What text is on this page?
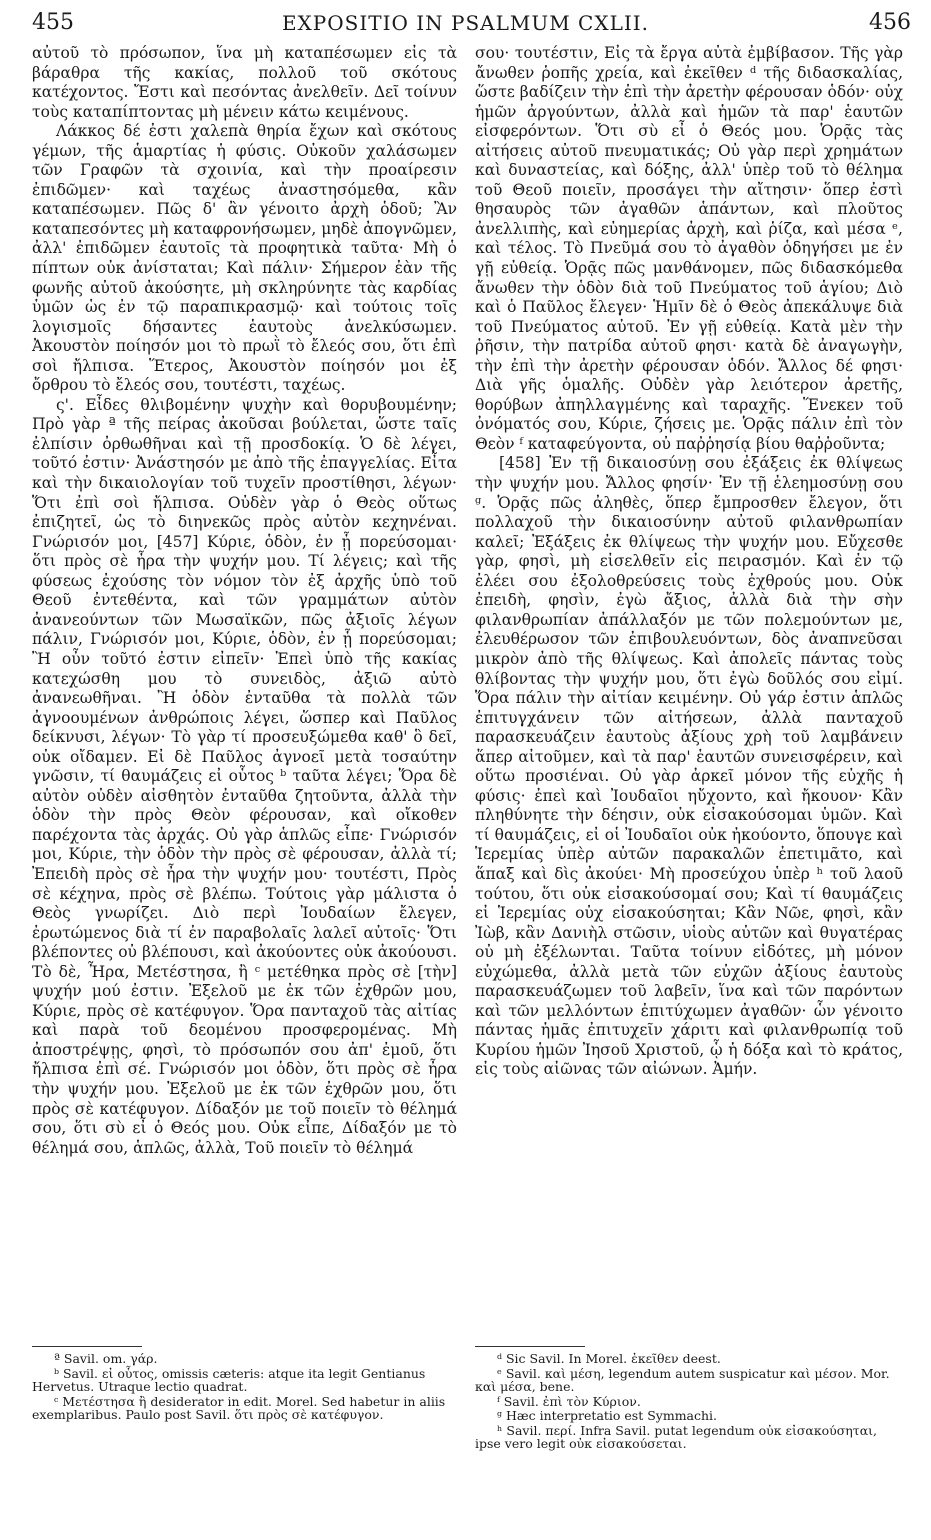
455	EXPOSITIO IN PSALMUM CXLII.	456

αὐτοῦ τὸ πρόσωπον, ἵνα μὴ καταπέσωμεν εἰς τὰ βάραθρα τῆς κακίας, πολλοῦ τοῦ σκότους κατέχοντος. Ἔστι καὶ πεσόντας ἀνελθεῖν. Δεῖ τοίνυν τοὺς καταπίπτοντας μὴ μένειν κάτω κειμένους.

Λάκκος δέ ἐστι χαλεπὰ θηρία ἔχων καὶ σκότους γέμων, τῆς ἁμαρτίας ἡ φύσις. Οὐκοῦν χαλάσωμεν τῶν Γραφῶν τὰ σχοινία, καὶ τὴν προαίρεσιν ἐπιδῶμεν· καὶ ταχέως ἀναστησόμεθα, κἂν καταπέσωμεν. Πῶς δ' ἂν γένοιτο ἀρχὴ ὁδοῦ; Ἂν καταπεσόντες μὴ καταφρονήσωμεν, μηδὲ ἀπογνῶμεν, ἀλλ' ἐπιδῶμεν ἑαυτοῖς τὰ προφητικὰ ταῦτα· Μὴ ὁ πίπτων οὐκ ἀνίσταται; Καὶ πάλιν· Σήμερον ἐὰν τῆς φωνῆς αὐτοῦ ἀκούσητε, μὴ σκληρύνητε τὰς καρδίας ὑμῶν ὡς ἐν τῷ παραπικρασμῷ· καὶ τούτοις τοῖς λογισμοῖς δήσαντες ἑαυτοὺς ἀνελκύσωμεν. Ἀκουστὸν ποίησόν μοι τὸ πρωῒ τὸ ἔλεός σου, ὅτι ἐπὶ σοὶ ἤλπισα. Ἕτερος, Ἀκουστὸν ποίησόν μοι ἐξ ὄρθρου τὸ ἔλεός σου, τουτέστι, ταχέως.

ς'. Εἶδες θλιβομένην ψυχὴν καὶ θορυβουμένην; Πρὸ γὰρ ª τῆς πείρας ἀκοῦσαι βούλεται, ὥστε ταῖς ἐλπίσιν ὀρθωθῆναι καὶ τῇ προσδοκίᾳ. Ὁ δὲ λέγει, τοῦτό ἐστιν· Ἀνάστησόν με ἀπὸ τῆς ἐπαγγελίας. Εἶτα καὶ τὴν δικαιολογίαν τοῦ τυχεῖν προστίθησι, λέγων· Ὅτι ἐπὶ σοὶ ἤλπισα. Οὐδὲν γὰρ ὁ Θεὸς οὕτως ἐπιζητεῖ, ὡς τὸ διηνεκῶς πρὸς αὐτὸν κεχηνέναι. Γνώρισόν μοι, [457] Κύριε, ὁδὸν, ἐν ᾗ πορεύσομαι· ὅτι πρὸς σὲ ἦρα τὴν ψυχήν μου. Τί λέγεις; καὶ τῆς φύσεως ἐχούσης τὸν νόμον τὸν ἐξ ἀρχῆς ὑπὸ τοῦ Θεοῦ ἐντεθέντα, καὶ τῶν γραμμάτων αὐτὸν ἀνανεούντων τῶν Μωσαϊκῶν, πῶς ἀξιοῖς λέγων πάλιν, Γνώρισόν μοι, Κύριε, ὁδὸν, ἐν ᾗ πορεύσομαι; Ἢ οὖν τοῦτό ἐστιν εἰπεῖν· Ἐπεὶ ὑπὸ τῆς κακίας κατεχώσθη μου τὸ συνειδὸς, ἀξιῶ αὐτὸ ἀνανεωθῆναι. Ἢ ὁδὸν ἐνταῦθα τὰ πολλὰ τῶν ἀγνοουμένων ἀνθρώποις λέγει, ὥσπερ καὶ Παῦλος δείκνυσι, λέγων· Τὸ γὰρ τί προσευξώμεθα καθ' ὃ δεῖ, οὐκ οἴδαμεν. Εἰ δὲ Παῦλος ἀγνοεῖ μετὰ τοσαύτην γνῶσιν, τί θαυμάζεις εἰ οὗτος ᵇ ταῦτα λέγει; Ὅρα δὲ αὐτὸν οὐδὲν αἰσθητὸν ἐνταῦθα ζητοῦντα, ἀλλὰ τὴν ὁδὸν τὴν πρὸς Θεὸν φέρουσαν, καὶ οἴκοθεν παρέχοντα τὰς ἀρχάς. Οὐ γὰρ ἁπλῶς εἶπε· Γνώρισόν μοι, Κύριε, τὴν ὁδὸν τὴν πρὸς σὲ φέρουσαν, ἀλλὰ τί; Ἐπειδὴ πρὸς σὲ ἦρα τὴν ψυχήν μου· τουτέστι, Πρὸς σὲ κέχηνα, πρὸς σὲ βλέπω. Τούτοις γὰρ μάλιστα ὁ Θεὸς γνωρίζει. Διὸ περὶ Ἰουδαίων ἔλεγεν, ἐρωτώμενος διὰ τί ἐν παραβολαῖς λαλεῖ αὐτοῖς· Ὅτι βλέποντες οὐ βλέπουσι, καὶ ἀκούοντες οὐκ ἀκούουσι. Τὸ δὲ, Ἦρα, Μετέστησα, ἢ ᶜ μετέθηκα πρὸς σὲ [τὴν] ψυχήν μού ἐστιν. Ἐξελοῦ με ἐκ τῶν ἐχθρῶν μου, Κύριε, πρὸς σὲ κατέφυγον. Ὅρα πανταχοῦ τὰς αἰτίας καὶ παρὰ τοῦ δεομένου προσφερομένας. Μὴ ἀποστρέψῃς, φησὶ, τὸ πρόσωπόν σου ἀπ' ἐμοῦ, ὅτι ἤλπισα ἐπὶ σέ. Γνώρισόν μοι ὁδὸν, ὅτι πρὸς σὲ ἦρα τὴν ψυχήν μου. Ἐξελοῦ με ἐκ τῶν ἐχθρῶν μου, ὅτι πρὸς σὲ κατέφυγον. Δίδαξόν με τοῦ ποιεῖν τὸ θέλημά σου, ὅτι σὺ εἶ ὁ Θεός μου. Οὐκ εἶπε, Δίδαξόν με τὸ θέλημά σου, ἁπλῶς, ἀλλὰ, Τοῦ ποιεῖν τὸ θέλημά

σου· τουτέστιν, Εἰς τὰ ἔργα αὐτὰ ἐμβίβασον. Τῆς γὰρ ἄνωθεν ῥοπῆς χρεία, καὶ ἐκεῖθεν ᵈ τῆς διδασκαλίας, ὥστε βαδίζειν τὴν ἐπὶ τὴν ἀρετὴν φέρουσαν ὁδόν· οὐχ ἡμῶν ἀργούντων, ἀλλὰ καὶ ἡμῶν τὰ παρ' ἑαυτῶν εἰσφερόντων. Ὅτι σὺ εἶ ὁ Θεός μου. Ὁρᾷς τὰς αἰτήσεις αὐτοῦ πνευματικάς; Οὐ γὰρ περὶ χρημάτων καὶ δυναστείας, καὶ δόξης, ἀλλ' ὑπὲρ τοῦ τὸ θέλημα τοῦ Θεοῦ ποιεῖν, προσάγει τὴν αἴτησιν· ὅπερ ἐστὶ θησαυρὸς τῶν ἀγαθῶν ἁπάντων, καὶ πλοῦτος ἀνελλιπὴς, καὶ εὐημερίας ἀρχὴ, καὶ ῥίζα, καὶ μέσα ᵉ, καὶ τέλος. Τὸ Πνεῦμά σου τὸ ἀγαθὸν ὁδηγήσει με ἐν γῇ εὐθείᾳ. Ὁρᾷς πῶς μανθάνομεν, πῶς διδασκόμεθα ἄνωθεν τὴν ὁδὸν διὰ τοῦ Πνεύματος τοῦ ἁγίου; Διὸ καὶ ὁ Παῦλος ἔλεγεν· Ἡμῖν δὲ ὁ Θεὸς ἀπεκάλυψε διὰ τοῦ Πνεύματος αὐτοῦ. Ἐν γῇ εὐθείᾳ. Κατὰ μὲν τὴν ῥῆσιν, τὴν πατρίδα αὐτοῦ φησι· κατὰ δὲ ἀναγωγὴν, τὴν ἐπὶ τὴν ἀρετὴν φέρουσαν ὁδόν. Ἄλλος δέ φησι· Διὰ γῆς ὁμαλῆς. Οὐδὲν γὰρ λειότερον ἀρετῆς, θορύβων ἀπηλλαγμένης καὶ ταραχῆς. Ἕνεκεν τοῦ ὀνόματός σου, Κύριε, ζήσεις με. Ὁρᾷς πάλιν ἐπὶ τὸν Θεὸν ᶠ καταφεύγοντα, οὐ παῤῥησίᾳ βίου θαῤῥοῦντα;

[458] Ἐν τῇ δικαιοσύνῃ σου ἐξάξεις ἐκ θλίψεως τὴν ψυχήν μου. Ἄλλος φησίν· Ἐν τῇ ἐλεημοσύνῃ σου ᵍ. Ὁρᾷς πῶς ἀληθὲς, ὅπερ ἔμπροσθεν ἔλεγον, ὅτι πολλαχοῦ τὴν δικαιοσύνην αὐτοῦ φιλανθρωπίαν καλεῖ; Ἐξάξεις ἐκ θλίψεως τὴν ψυχήν μου. Εὔχεσθε γὰρ, φησὶ, μὴ εἰσελθεῖν εἰς πειρασμόν. Καὶ ἐν τῷ ἐλέει σου ἐξολοθρεύσεις τοὺς ἐχθρούς μου. Οὐκ ἐπειδὴ, φησὶν, ἐγὼ ἄξιος, ἀλλὰ διὰ τὴν σὴν φιλανθρωπίαν ἀπάλλαξόν με τῶν πολεμούντων με, ἐλευθέρωσον τῶν ἐπιβουλευόντων, δὸς ἀναπνεῦσαι μικρὸν ἀπὸ τῆς θλίψεως. Καὶ ἀπολεῖς πάντας τοὺς θλίβοντας τὴν ψυχήν μου, ὅτι ἐγὼ δοῦλός σου εἰμί. Ὅρα πάλιν τὴν αἰτίαν κειμένην. Οὐ γάρ ἐστιν ἁπλῶς ἐπιτυγχάνειν τῶν αἰτήσεων, ἀλλὰ πανταχοῦ παρασκευάζειν ἑαυτοὺς ἀξίους χρὴ τοῦ λαμβάνειν ἅπερ αἰτοῦμεν, καὶ τὰ παρ' ἑαυτῶν συνεισφέρειν, καὶ οὕτω προσιέναι. Οὐ γὰρ ἀρκεῖ μόνον τῆς εὐχῆς ἡ φύσις· ἐπεὶ καὶ Ἰουδαῖοι ηὔχοντο, καὶ ἤκουον· Κἂν πληθύνητε τὴν δέησιν, οὐκ εἰσακούσομαι ὑμῶν. Καὶ τί θαυμάζεις, εἰ οἱ Ἰουδαῖοι οὐκ ἠκούοντο, ὅπουγε καὶ Ἱερεμίας ὑπὲρ αὐτῶν παρακαλῶν ἐπετιμᾶτο, καὶ ἅπαξ καὶ δὶς ἀκούει· Μὴ προσεύχου ὑπὲρ ʰ τοῦ λαοῦ τούτου, ὅτι οὐκ εἰσακούσομαί σου; Καὶ τί θαυμάζεις εἰ Ἱερεμίας οὐχ εἰσακούσηται; Κἂν Νῶε, φησὶ, κἂν Ἰὼβ, κἂν Δανιὴλ στῶσιν, υἱοὺς αὐτῶν καὶ θυγατέρας οὐ μὴ ἐξέλωνται. Ταῦτα τοίνυν εἰδότες, μὴ μόνον εὐχώμεθα, ἀλλὰ μετὰ τῶν εὐχῶν ἀξίους ἑαυτοὺς παρασκευάζωμεν τοῦ λαβεῖν, ἵνα καὶ τῶν παρόντων καὶ τῶν μελλόντων ἐπιτύχωμεν ἀγαθῶν· ὧν γένοιτο πάντας ἡμᾶς ἐπιτυχεῖν χάριτι καὶ φιλανθρωπίᾳ τοῦ Κυρίου ἡμῶν Ἰησοῦ Χριστοῦ, ᾧ ἡ δόξα καὶ τὸ κράτος, εἰς τοὺς αἰῶνας τῶν αἰώνων. Ἀμήν.

ª Savil. om. γάρ.

ᵇ Savil. εἰ οὗτος, omissis cæteris: atque ita legit Gentianus Hervetus. Utraque lectio quadrat.

ᶜ Μετέστησα ἢ desiderator in edit. Morel. Sed habetur in aliis exemplaribus. Paulo post Savil. ὅτι πρὸς σὲ κατέφυγον.

ᵈ Sic Savil. In Morel. ἐκεῖθεν deest.

ᵉ Savil. καὶ μέση, legendum autem suspicatur καὶ μέσον. Mor. καὶ μέσα, bene.

ᶠ Savil. ἐπὶ τὸν Κύριον.

ᵍ Hæc interpretatio est Symmachi.

ʰ Savil. περί. Infra Savil. putat legendum οὐκ εἰσακούσηται, ipse vero legit οὐκ εἰσακούσεται.
